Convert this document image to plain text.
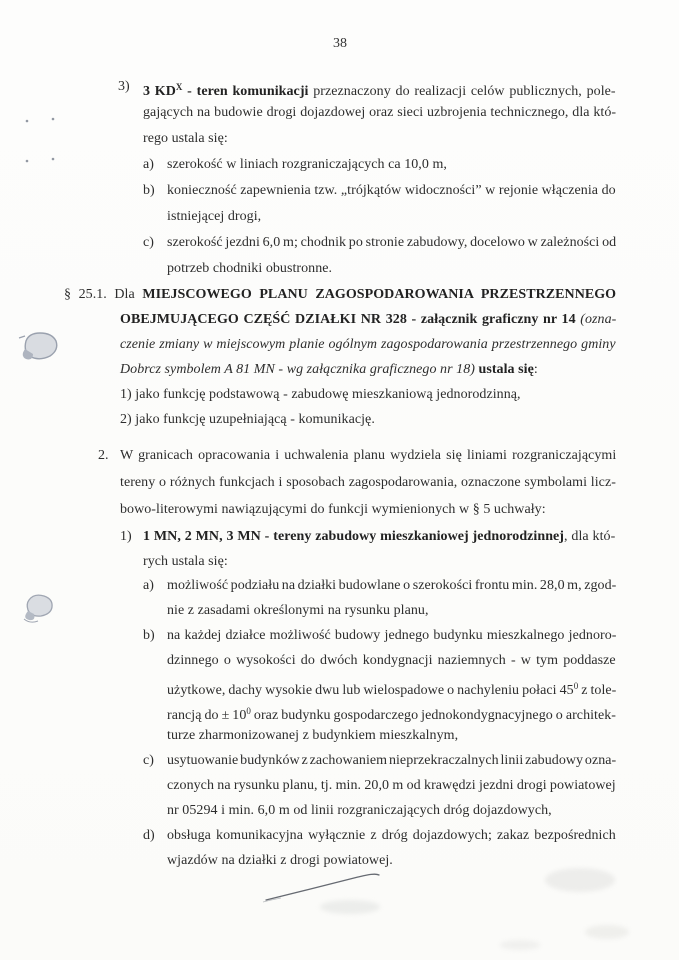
38
3) 3 $KD^X$ - teren komunikacji przeznaczony do realizacji celów publicznych, pole-
gających na budowie drogi dojazdowej oraz sieci uzbrojenia technicznego, dla któ-
rego ustala się:
a) szerokość w liniach rozgraniczających ca 10,0 m,
b) konieczność zapewnienia tzw. „trójkątów widoczności” w rejonie włączenia do
istniejącej drogi,
c) szerokość jezdni 6,0 m; chodnik po stronie zabudowy, docelowo w zależności od
potrzeb chodniki obustronne.
§ 25.1. Dla MIEJSCOWEGO PLANU ZAGOSPODAROWANIA PRZESTRZENNEGO
OBEJMUJĄCEGO CZĘŚĆ DZIAŁKI NR 328 - załącznik graficzny nr 14 (ozna-
czenie zmiany w miejscowym planie ogólnym zagospodarowania przestrzennego gminy
Dobrcz symbolem A 81 MN - wg załącznika graficznego nr 18) ustala się:
1) jako funkcję podstawową - zabudowę mieszkaniową jednorodzinną,
2) jako funkcję uzupełniającą - komunikację.
2. W granicach opracowania i uchwalenia planu wydziela się liniami rozgraniczającymi
tereny o różnych funkcjach i sposobach zagospodarowania, oznaczone symbolami licz-
bowo-literowymi nawiązującymi do funkcji wymienionych w § 5 uchwały:
1) 1 MN, 2 MN, 3 MN - tereny zabudowy mieszkaniowej jednorodzinnej, dla któ-
rych ustala się:
a) możliwość podziału na działki budowlane o szerokości frontu min. 28,0 m, zgod-
nie z zasadami określonymi na rysunku planu,
b) na każdej działce możliwość budowy jednego budynku mieszkalnego jednoro-
dzinnego o wysokości do dwóch kondygnacji naziemnych - w tym poddasze
użytkowe, dachy wysokie dwu lub wielospadowe o nachyleniu połaci $45^0$ z tole-
rancją do ± $10^0$ oraz budynku gospodarczego jednokondygnacyjnego o architek-
turze zharmonizowanej z budynkiem mieszkalnym,
c) usytuowanie budynków z zachowaniem nieprzekraczalnych linii zabudowy ozna-
czonych na rysunku planu, tj. min. 20,0 m od krawędzi jezdni drogi powiatowej
nr 05294 i min. 6,0 m od linii rozgraniczających dróg dojazdowych,
d) obsługa komunikacyjna wyłącznie z dróg dojazdowych; zakaz bezpośrednich
wjazdów na działki z drogi powiatowej.
